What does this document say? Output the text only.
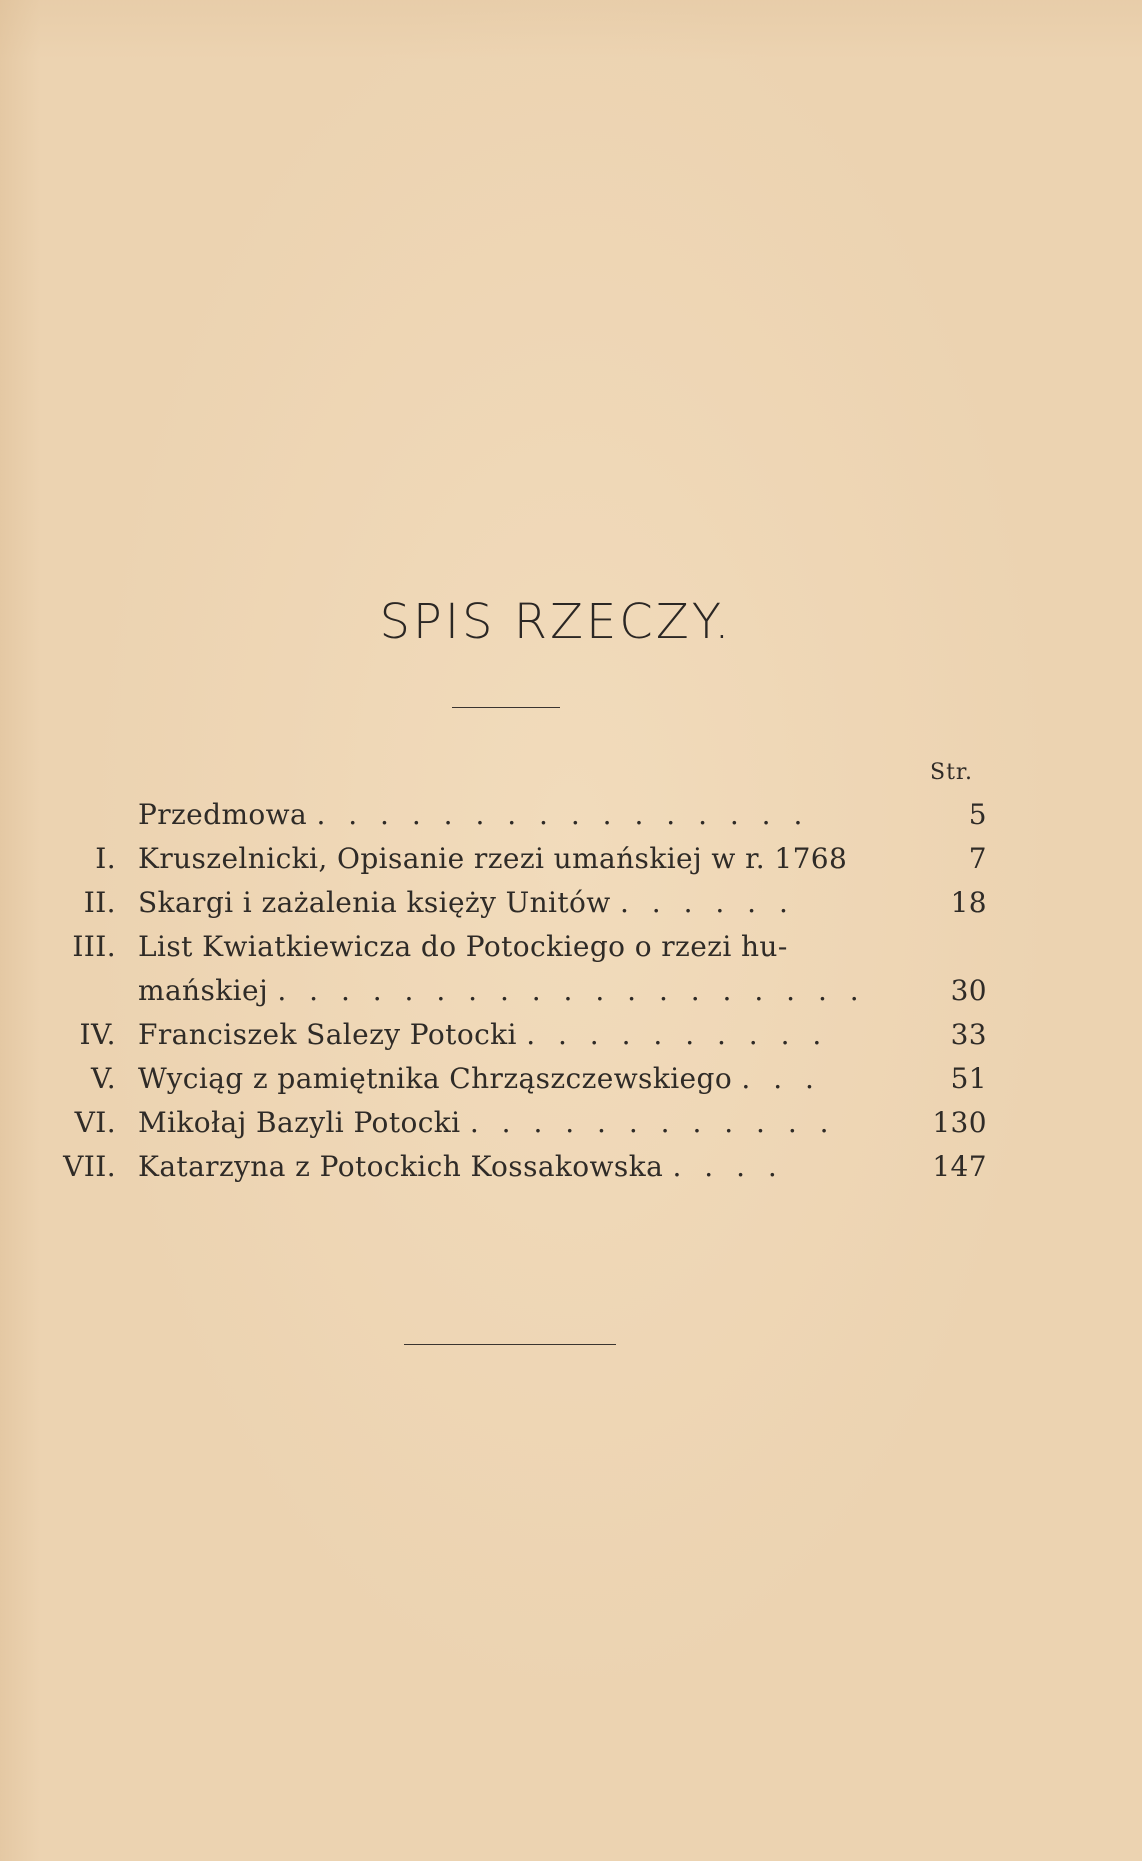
SPIS RZECZY.
Str.
Przedmowa . . . . . . . . . . . . . . . .	5
I. Kruszelnicki, Opisanie rzezi umańskiej w r. 1768	7
II. Skargi i zażalenia księży Unitów . . . . . .	18
III. List Kwiatkiewicza do Potockiego o rzezi hu-
mańskiej . . . . . . . . . . . . . . . . . . .	30
IV. Franciszek Salezy Potocki . . . . . . . . . .	33
V. Wyciąg z pamiętnika Chrząszczewskiego . . .	51
VI. Mikołaj Bazyli Potocki . . . . . . . . . . . .	130
VII. Katarzyna z Potockich Kossakowska . . . .	147
